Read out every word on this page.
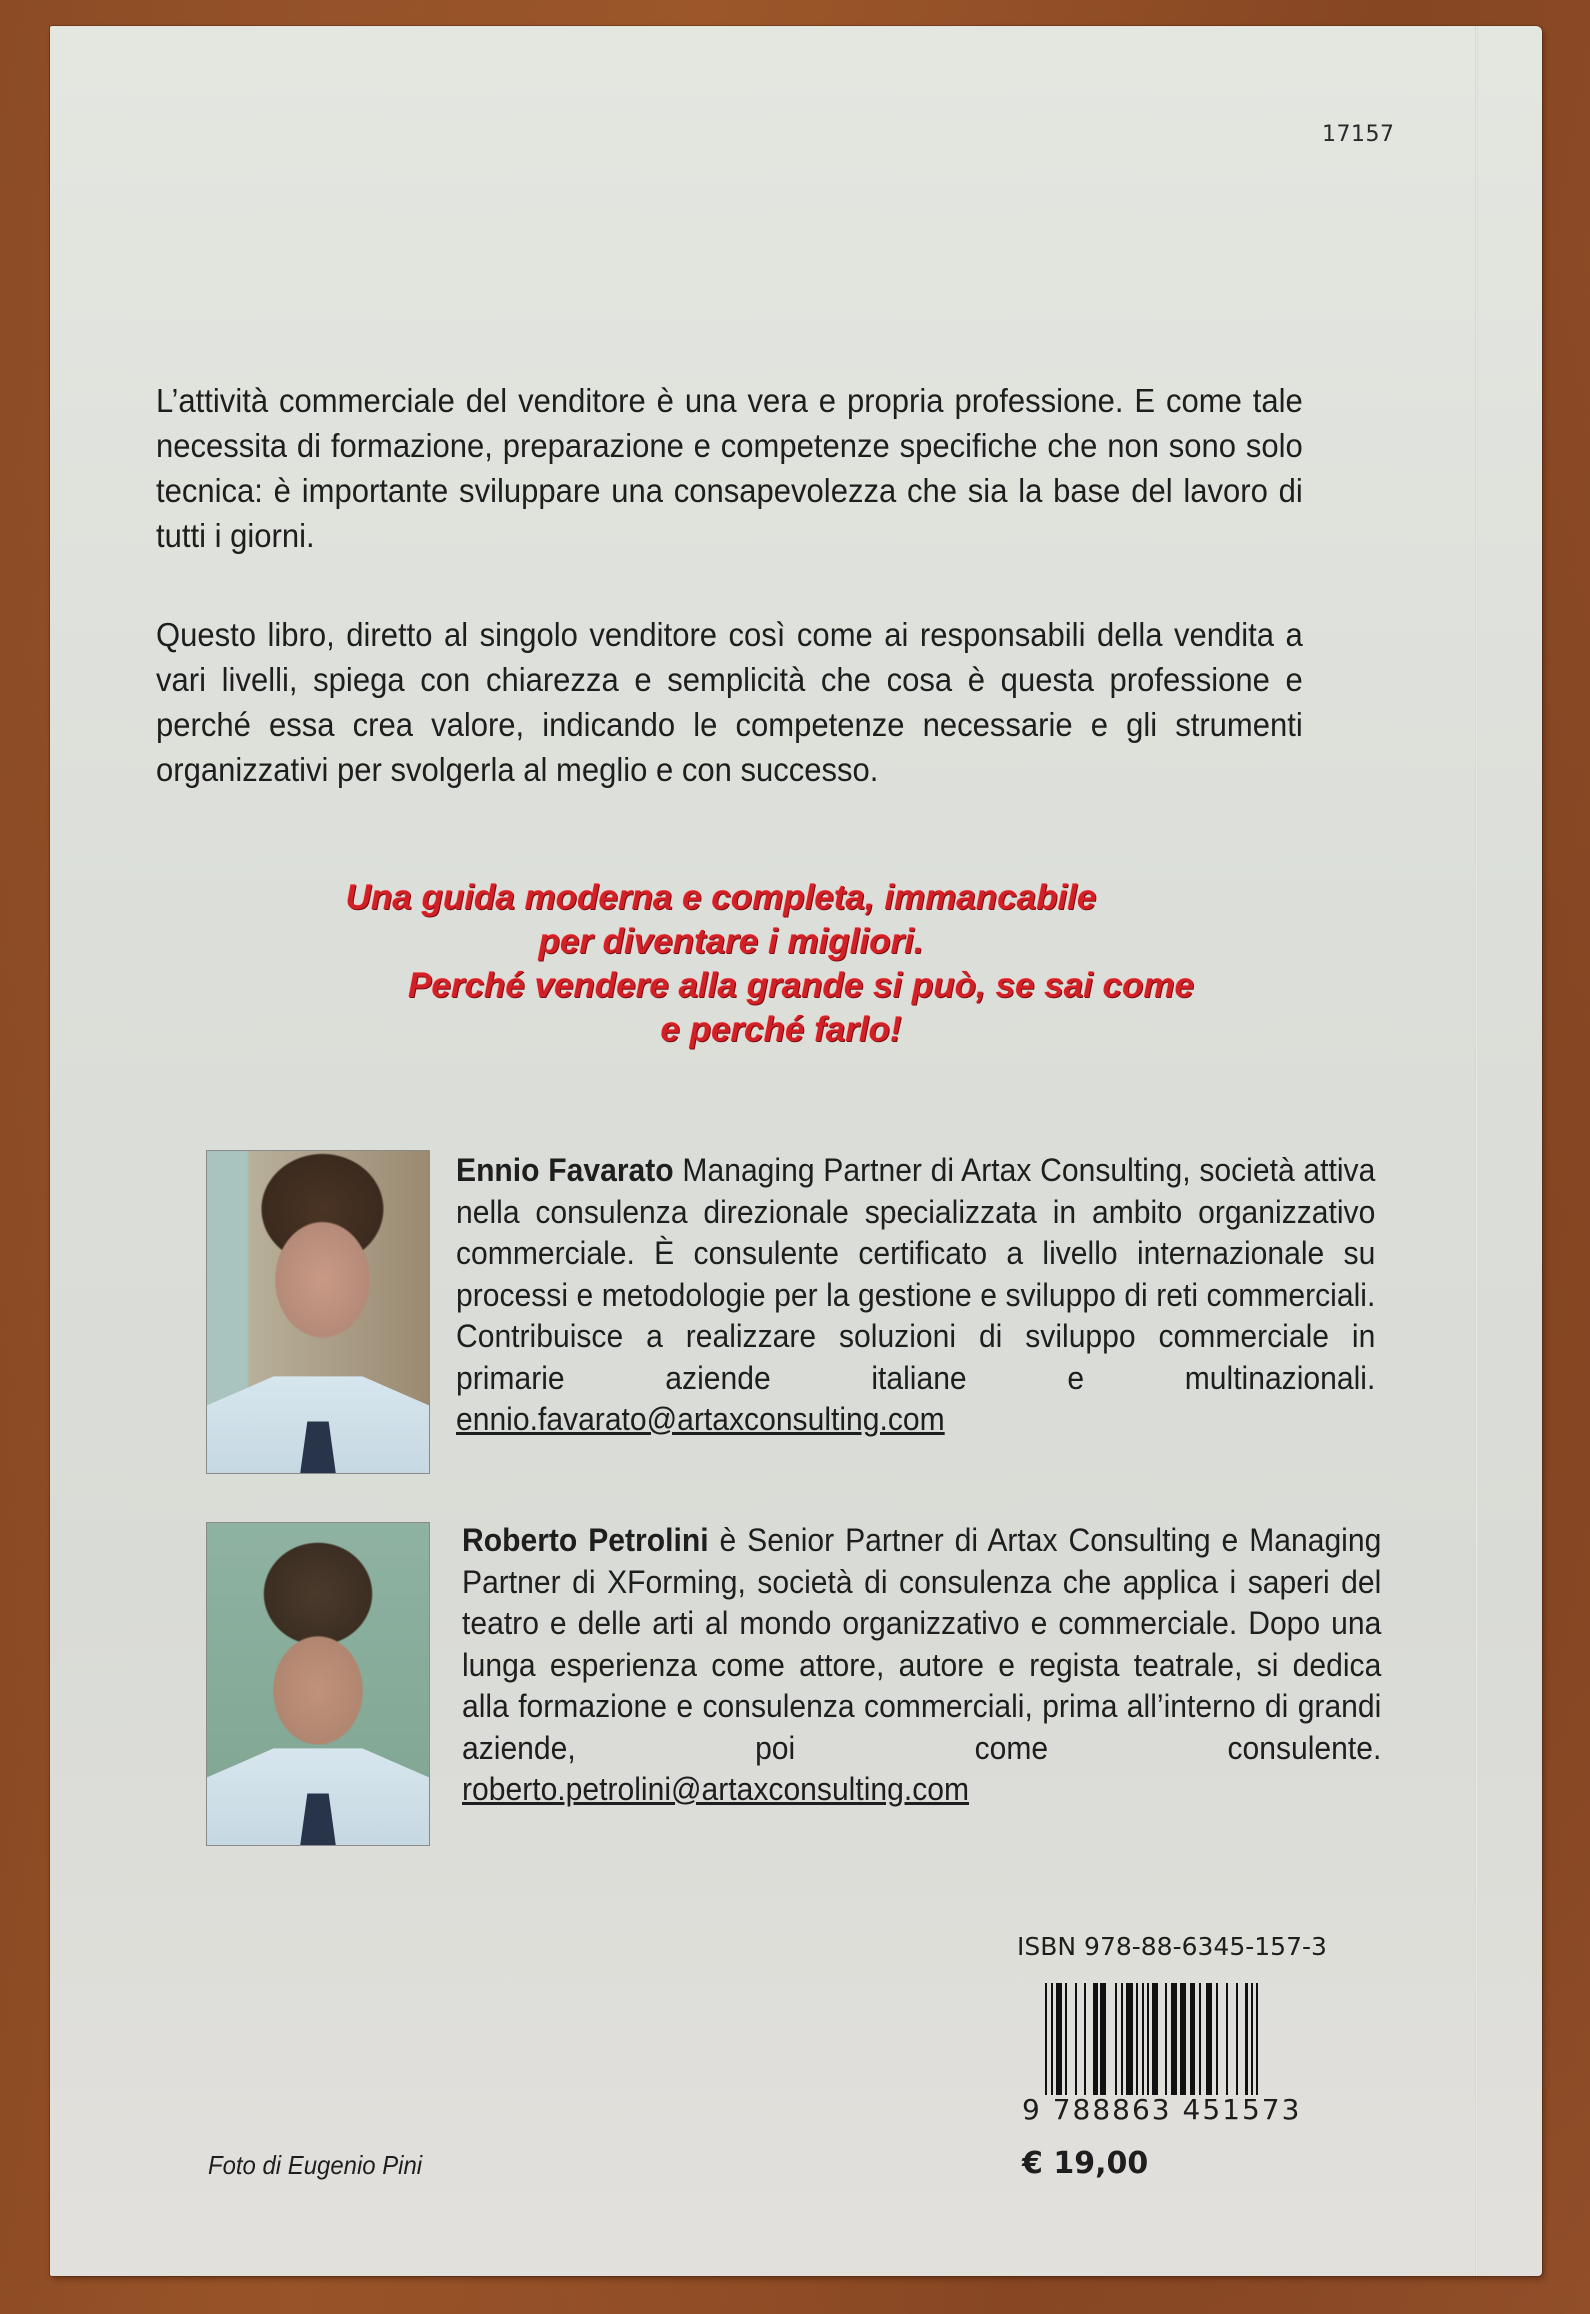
17157

L’attività commerciale del venditore è una vera e propria professione. E come tale necessita di formazione, preparazione e competenze specifiche che non sono solo tecnica: è importante sviluppare una consapevolezza che sia la base del lavoro di tutti i giorni.

Questo libro, diretto al singolo venditore così come ai responsabili della vendita a vari livelli, spiega con chiarezza e semplicità che cosa è questa professione e perché essa crea valore, indicando le competenze necessarie e gli strumenti organizzativi per svolgerla al meglio e con successo.

Una guida moderna e completa, immancabile
per diventare i migliori.
Perché vendere alla grande si può, se sai come
e perché farlo!
Ennio Favarato Managing Partner di Artax Consulting, società attiva nella consulenza direzionale specializzata in ambito organizzativo commerciale. È consulente certificato a livello internazionale su processi e metodologie per la gestione e sviluppo di reti commerciali. Contribuisce a realizzare soluzioni di sviluppo commerciale in primarie aziende italiane e multinazionali. ennio.favarato@artaxconsulting.com
Roberto Petrolini è Senior Partner di Artax Consulting e Managing Partner di XForming, società di consulenza che applica i saperi del teatro e delle arti al mondo organizzativo e commerciale. Dopo una lunga esperienza come attore, autore e regista teatrale, si dedica alla formazione e consulenza commerciali, prima all’interno di grandi aziende, poi come consulente. roberto.petrolini@artaxconsulting.com
ISBN 978-88-6345-157-3
9 788863 451573
€ 19,00
Foto di Eugenio Pini
